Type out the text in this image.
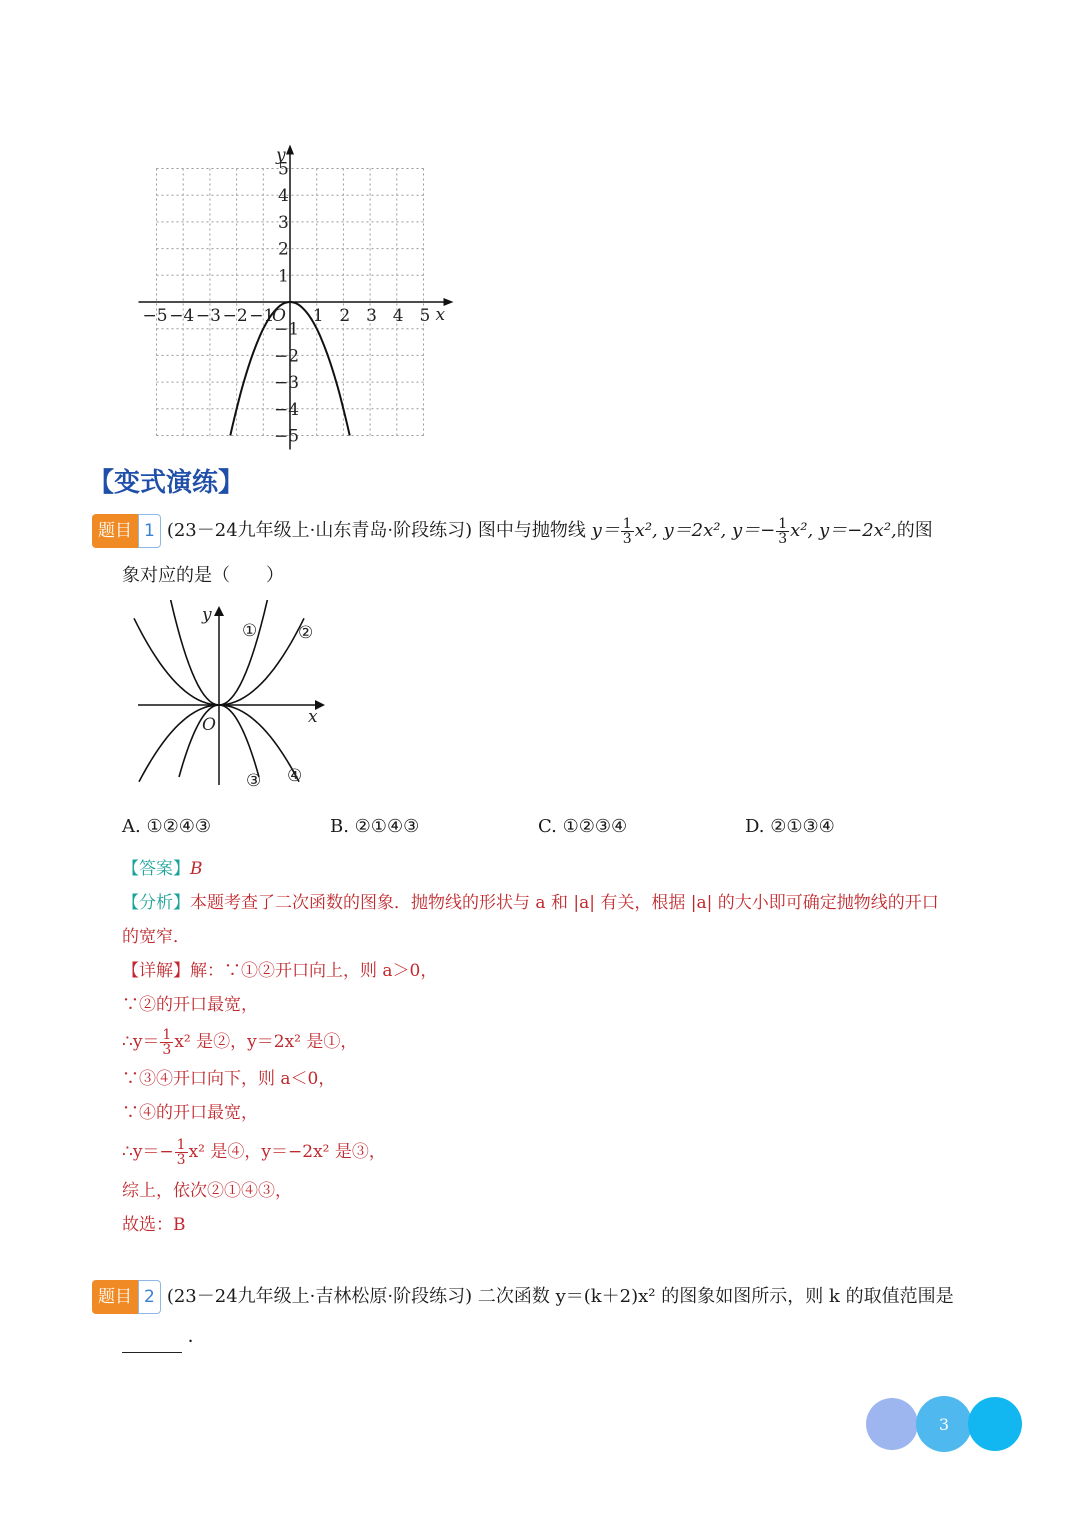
−5 −4 −3 −2 −1 1 2 3 4 5
5
4
3
2
1
−1
−2
−3
−4
−5
O	x
y
【变式演练】
题目 1 (23－24九年级上·山东青岛·阶段练习) 图中与抛物线 $y= \frac{1}{3} x^2$, y＝2x², $y=- \frac{1}{3} x^2$, y＝−2x²,的图
象对应的是（　　）
O	x
y
① ②
③ ④
A. ①②④③	B. ②①④③	C. ①②③④	D. ②①③④
【答案】B
【分析】本题考查了二次函数的图象．抛物线的形状与 a 和 |a| 有关，根据 |a| 的大小即可确定抛物线的开口
的宽窄．
【详解】解：∵①②开口向上，则 a＞0，
∵②的开口最宽，
∴y＝ $\frac{1}{3} x^2$ 是②，y＝2x² 是①，
∵③④开口向下，则 a＜0，
∵④的开口最宽，
∴y＝− $\frac{1}{3} x^2$ 是④，y＝−2x² 是③，
综上，依次②①④③，
故选：B
题目 2 (23－24九年级上·吉林松原·阶段练习) 二次函数 y＝(k＋2)x² 的图象如图所示，则 k 的取值范围是
．
3
